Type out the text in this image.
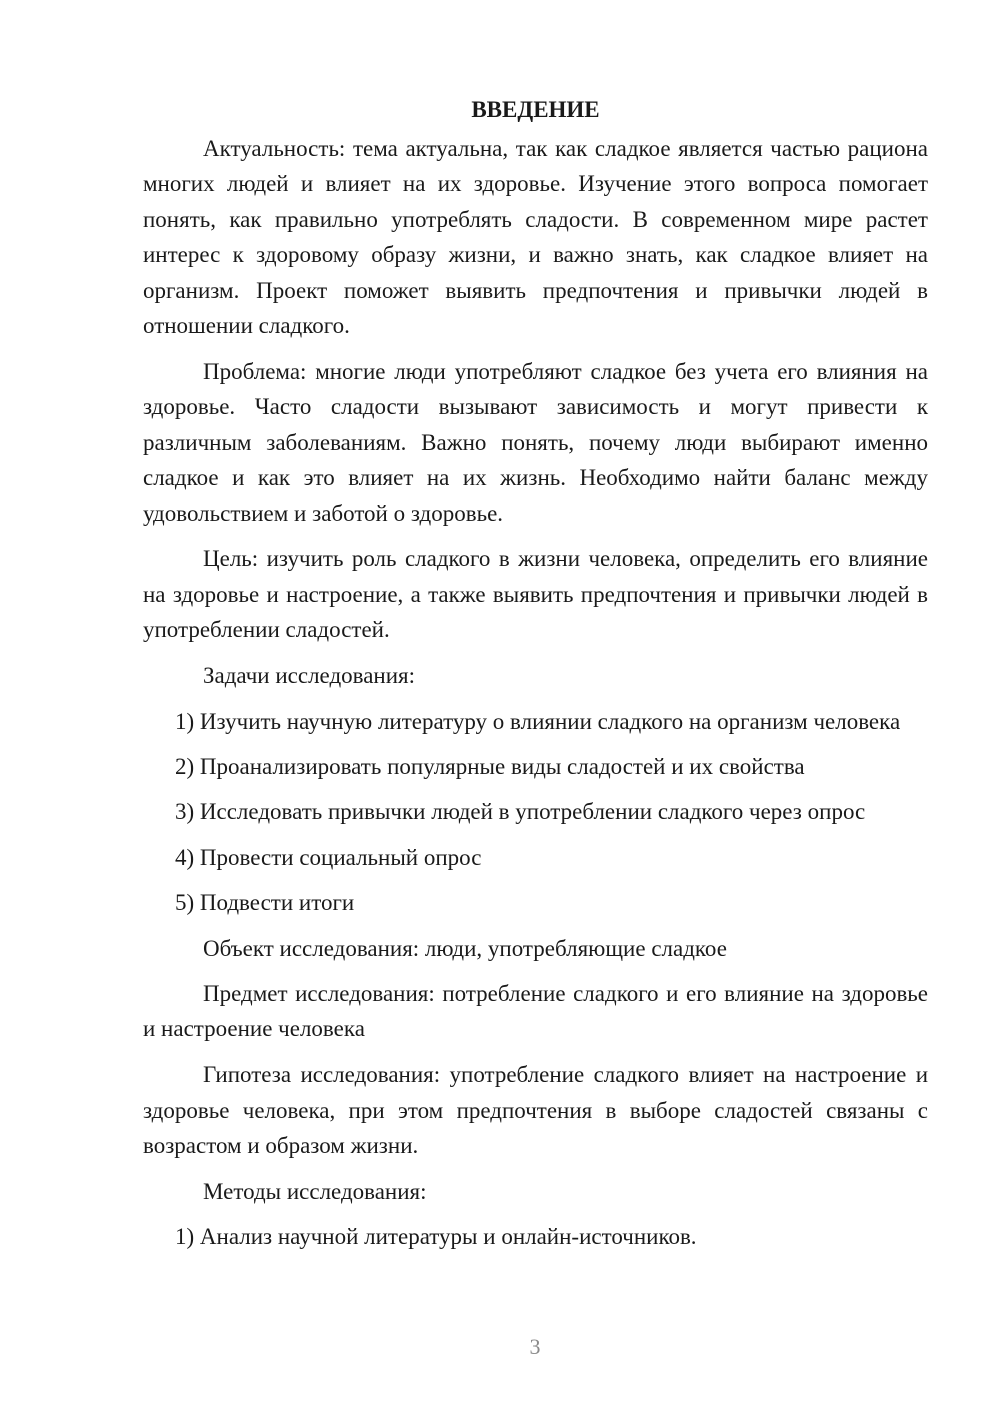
ВВЕДЕНИЕ

Актуальность: тема актуальна, так как сладкое является частью рациона многих людей и влияет на их здоровье. Изучение этого вопроса помогает понять, как правильно употреблять сладости. В современном мире растет интерес к здоровому образу жизни, и важно знать, как сладкое влияет на организм. Проект поможет выявить предпочтения и привычки людей в отношении сладкого.

Проблема: многие люди употребляют сладкое без учета его влияния на здоровье. Часто сладости вызывают зависимость и могут привести к различным заболеваниям. Важно понять, почему люди выбирают именно сладкое и как это влияет на их жизнь. Необходимо найти баланс между удовольствием и заботой о здоровье.

Цель: изучить роль сладкого в жизни человека, определить его влияние на здоровье и настроение, а также выявить предпочтения и привычки людей в употреблении сладостей.

Задачи исследования:

1) Изучить научную литературу о влиянии сладкого на организм человека

2) Проанализировать популярные виды сладостей и их свойства

3) Исследовать привычки людей в употреблении сладкого через опрос

4) Провести социальный опрос

5) Подвести итоги

Объект исследования: люди, употребляющие сладкое

Предмет исследования: потребление сладкого и его влияние на здоровье и настроение человека

Гипотеза исследования: употребление сладкого влияет на настроение и здоровье человека, при этом предпочтения в выборе сладостей связаны с возрастом и образом жизни.

Методы исследования:

1) Анализ научной литературы и онлайн-источников.

3
